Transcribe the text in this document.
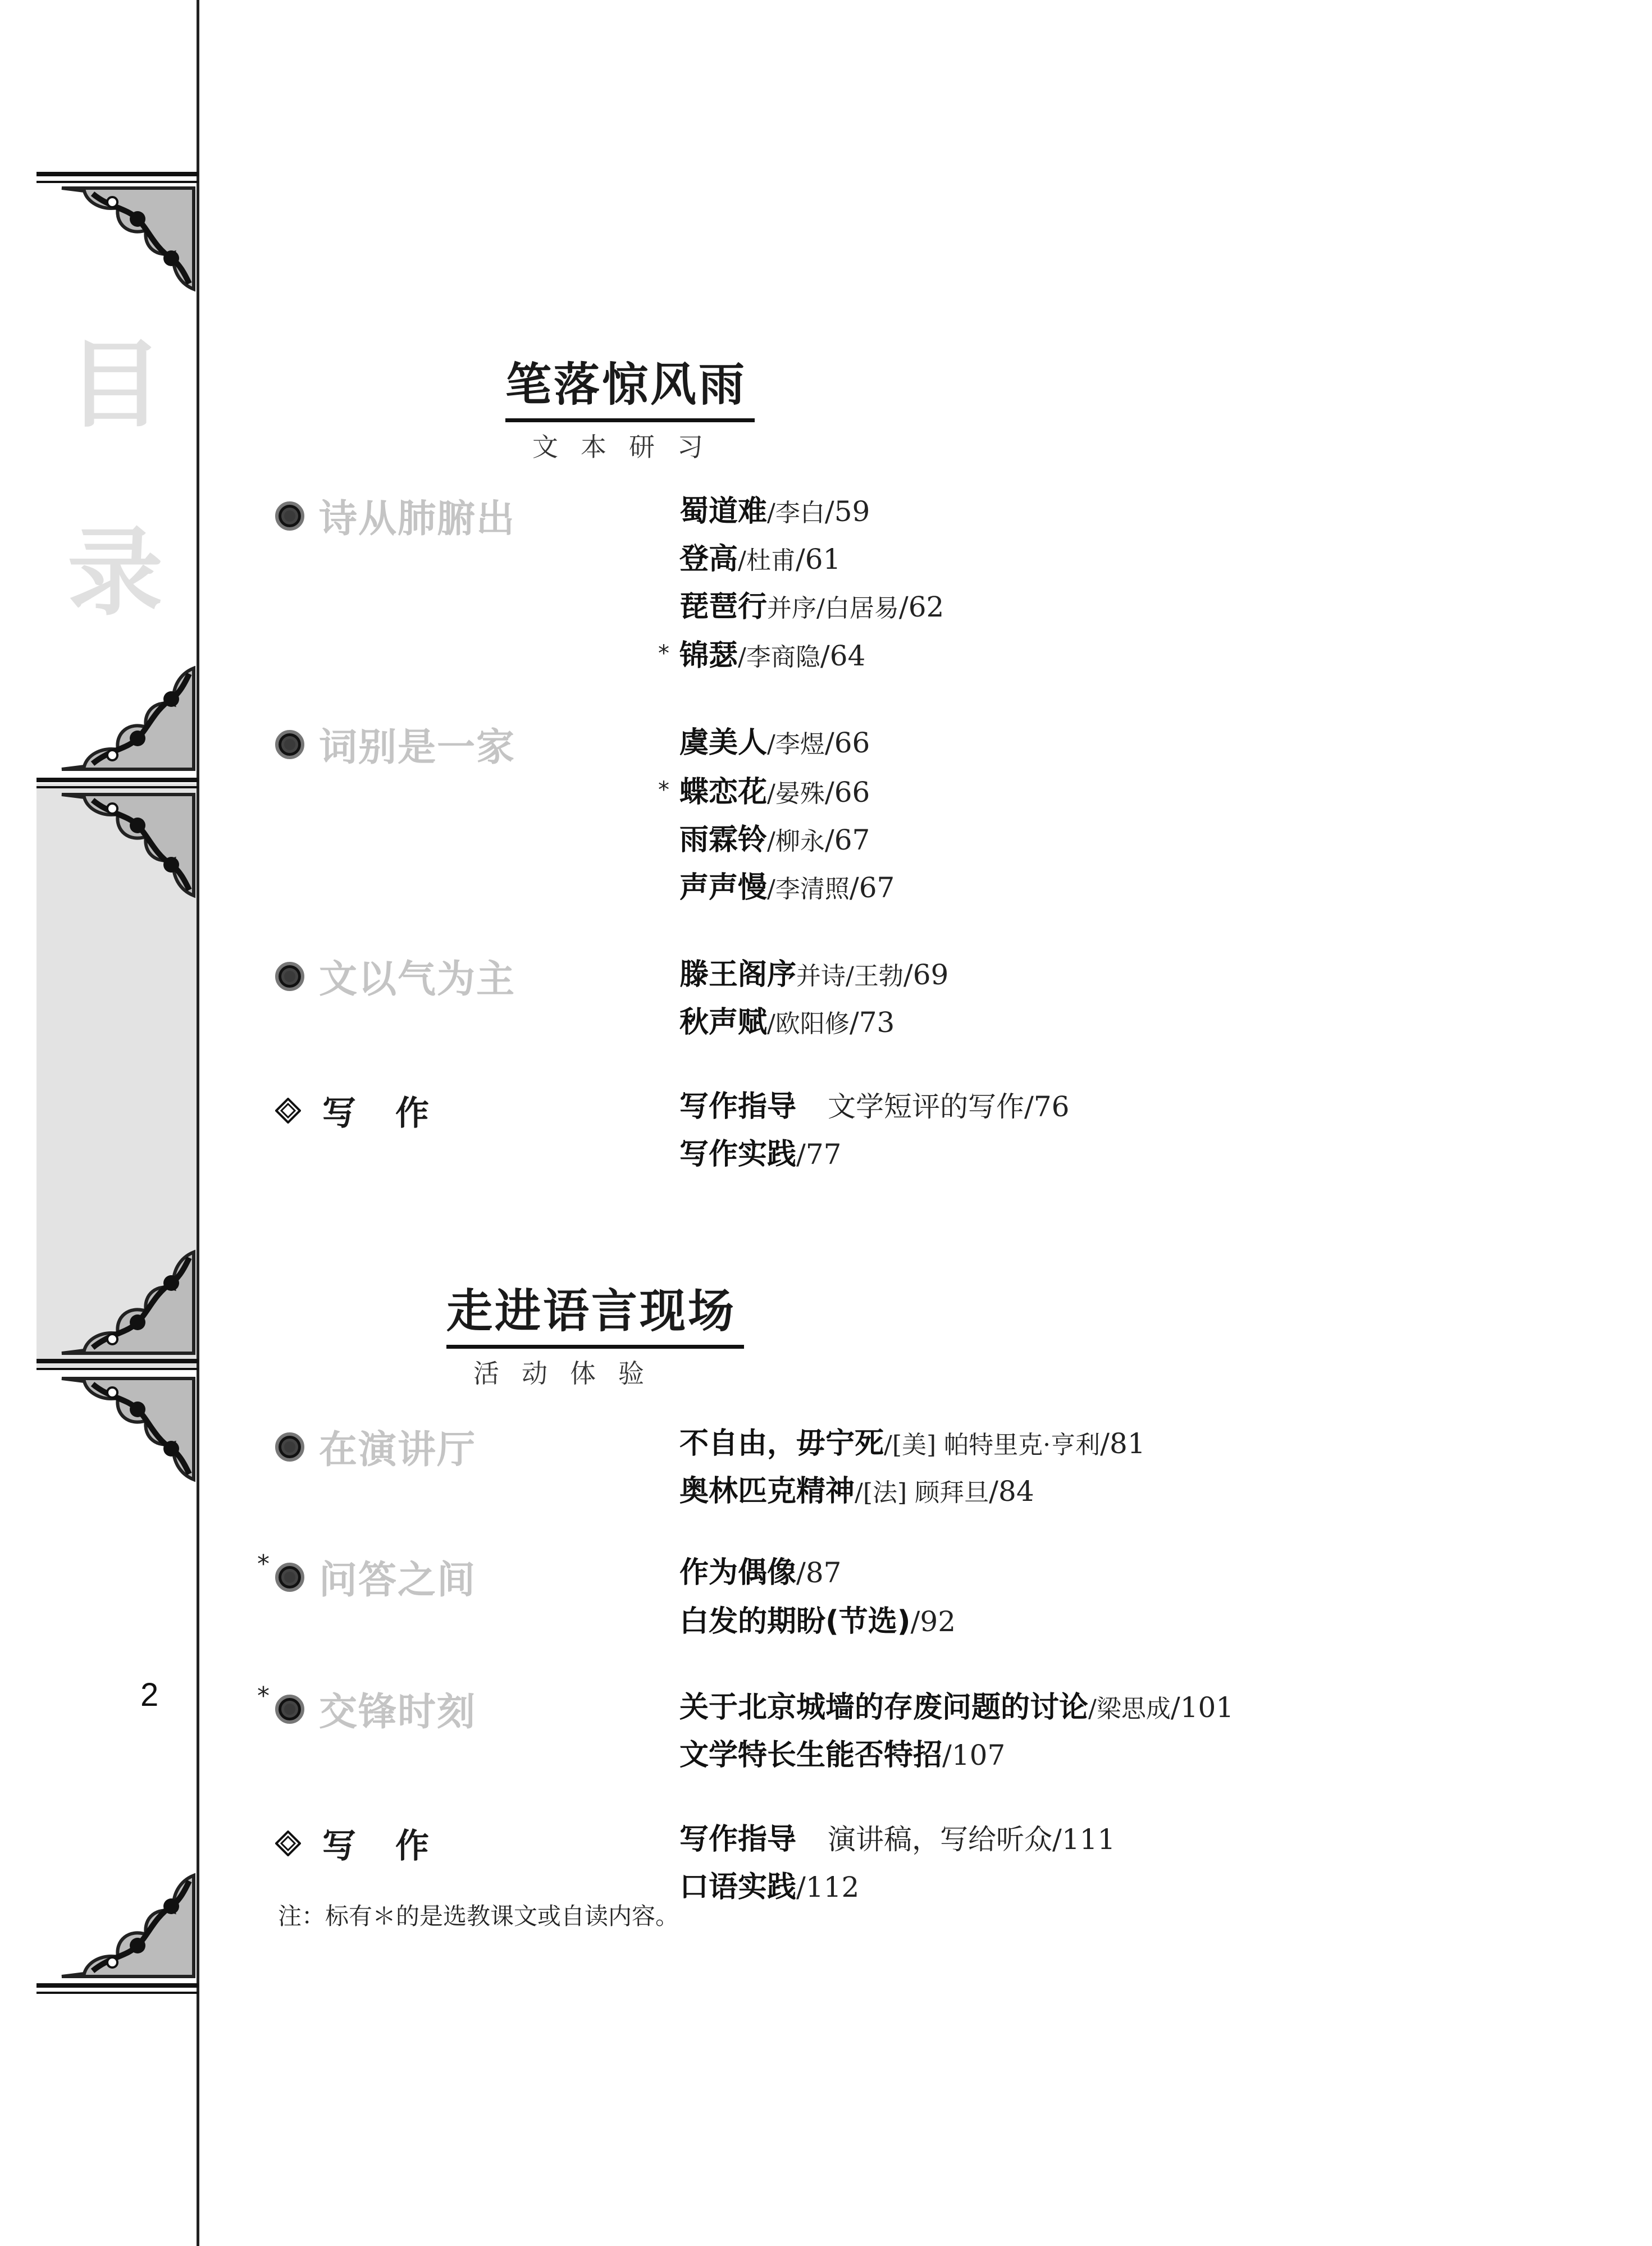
目
录
2
笔落惊风雨
文本研习
诗从肺腑出	蜀道难/李白/59
登高/杜甫/61
琵琶行并序/白居易/62
* 锦瑟/李商隐/64
词别是一家	虞美人/李煜/66
* 蝶恋花/晏殊/66
雨霖铃/柳永/67
声声慢/李清照/67
文以气为主	滕王阁序并诗/王勃/69
秋声赋/欧阳修/73
写 作	写作指导 文学短评的写作/76
写作实践/77
走进语言现场
活动体验
在演讲厅	不自由，毋宁死/[美] 帕特里克·亨利/81
奥林匹克精神/[法] 顾拜旦/84
* 问答之间	作为偶像/87
白发的期盼(节选)/92
* 交锋时刻	关于北京城墙的存废问题的讨论/梁思成/101
文学特长生能否特招/107
写 作	写作指导 演讲稿，写给听众/111
口语实践/112
注：标有＊的是选教课文或自读内容。
